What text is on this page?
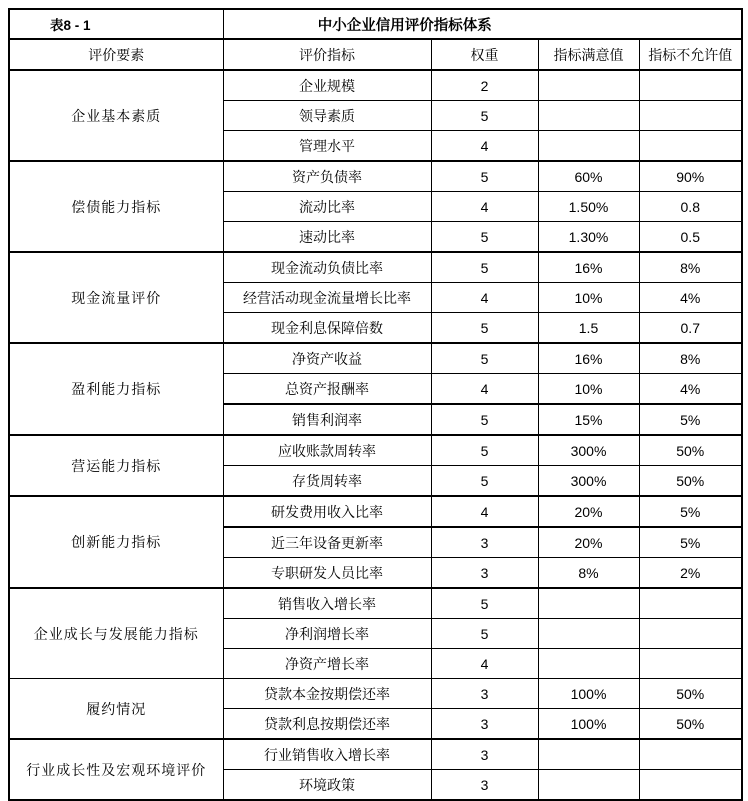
表8 - 1	中小企业信用评价指标体系			
评价要素	评价指标	权重	指标满意值	指标不允许值
企业基本素质	企业规模	2		
	领导素质	5		
	管理水平	4		
偿债能力指标	资产负债率	5	60%	90%
	流动比率	4	1.50%	0.8
	速动比率	5	1.30%	0.5
现金流量评价	现金流动负债比率	5	16%	8%
	经营活动现金流量增长比率	4	10%	4%
	现金利息保障倍数	5	1.5	0.7
盈利能力指标	净资产收益	5	16%	8%
	总资产报酬率	4	10%	4%
	销售利润率	5	15%	5%
营运能力指标	应收账款周转率	5	300%	50%
	存货周转率	5	300%	50%
创新能力指标	研发费用收入比率	4	20%	5%
	近三年设备更新率	3	20%	5%
	专职研发人员比率	3	8%	2%
企业成长与发展能力指标	销售收入增长率	5		
	净利润增长率	5		
	净资产增长率	4		
履约情况	贷款本金按期偿还率	3	100%	50%
	贷款利息按期偿还率	3	100%	50%
行业成长性及宏观环境评价	行业销售收入增长率	3		
	环境政策	3		
